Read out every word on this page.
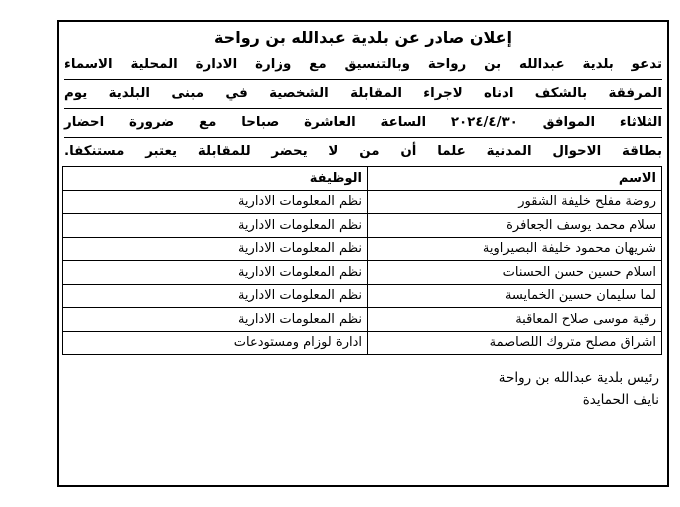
إعلان صادر عن بلدية عبدالله بن رواحة
تدعو بلدية عبدالله بن رواحة وبالتنسيق مع وزارة الادارة المحلية الاسماء
المرفقة بالشكف ادناه لاجراء المقابلة الشخصية في مبنى البلدية يوم
الثلاثاء الموافق ٢٠٢٤/٤/٣٠ الساعة العاشرة صباحا مع ضرورة احضار
بطاقة الاحوال المدنية علما أن من لا يحضر للمقابلة يعتبر مستنكفا.
الاسم	الوظيفة
روضة مفلح خليفة الشقور	نظم المعلومات الادارية
سلام محمد يوسف الجعافرة	نظم المعلومات الادارية
شريهان محمود خليفة البصيراوية	نظم المعلومات الادارية
اسلام حسين حسن الحسنات	نظم المعلومات الادارية
لما سليمان حسين الخمايسة	نظم المعلومات الادارية
رقية موسى صلاح المعاقبة	نظم المعلومات الادارية
اشراق مصلح متروك اللصاصمة	ادارة لوزام ومستودعات
رئيس بلدية عبدالله بن رواحة
نايف الحمايدة
